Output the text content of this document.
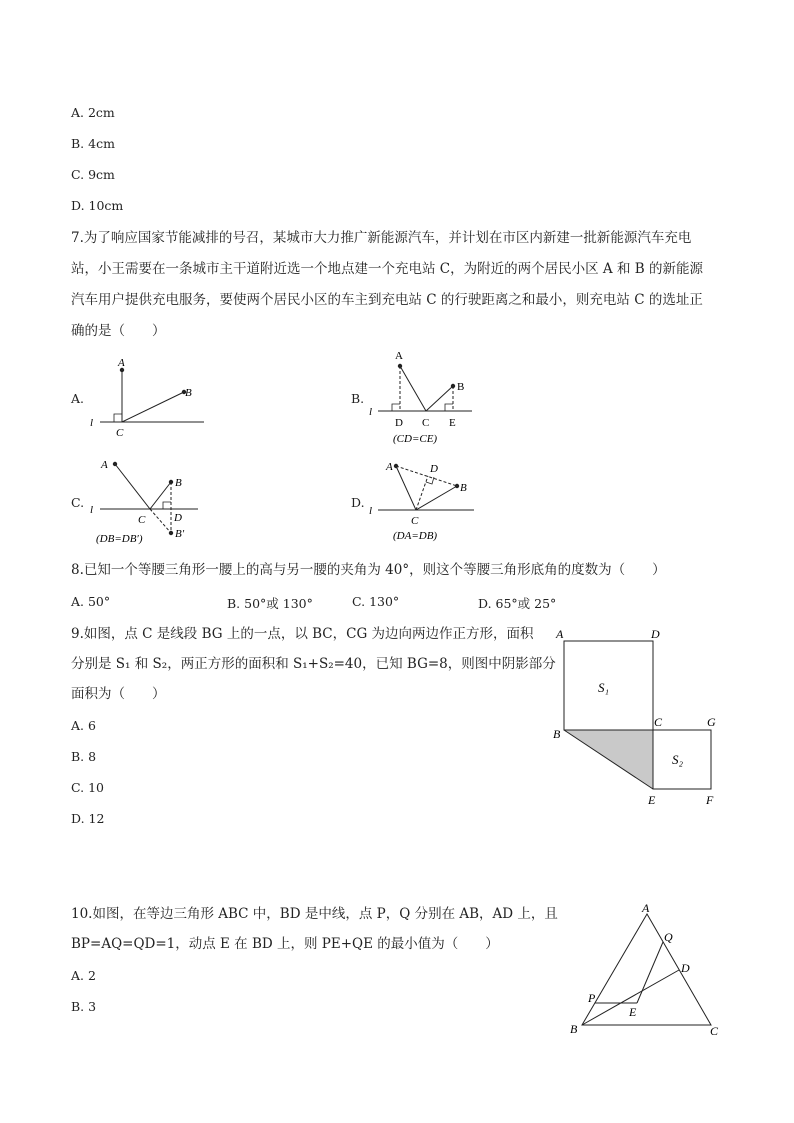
A. 2cm
B. 4cm
C. 9cm
D. 10cm
7.为了响应国家节能减排的号召，某城市大力推广新能源汽车，并计划在市区内新建一批新能源汽车充电
站，小王需要在一条城市主干道附近选一个地点建一个充电站 C，为附近的两个居民小区 A 和 B 的新能源
汽车用户提供充电服务，要使两个居民小区的车主到充电站 C 的行驶距离之和最小，则充电站 C 的选址正
确的是（　　）
A.
A
B
l
C
B.
A
B
l
D C E
(CD=CE)
C.
A
B
l
C	D
B′
(DB=DB′)
D.
A	D
B
l
C
(DA=DB)
8.已知一个等腰三角形一腰上的高与另一腰的夹角为 40°，则这个等腰三角形底角的度数为（　　）
A. 50°	B. 50°或 130°	C. 130°	D. 65°或 25°
9.如图，点 C 是线段 BG 上的一点，以 BC，CG 为边向两边作正方形，面积
分别是 S₁ 和 S₂，两正方形的面积和 S₁+S₂=40，已知 BG=8，则图中阴影部分
面积为（　　）
A. 6
B. 8
C. 10
D. 12
A	D
C	G
B
E	F
S₁
S₂
10.如图，在等边三角形 ABC 中，BD 是中线，点 P，Q 分别在 AB，AD 上，且
BP=AQ=QD=1，动点 E 在 BD 上，则 PE+QE 的最小值为（　　）
A. 2
B. 3
A
Q
D
P
E
B	C
